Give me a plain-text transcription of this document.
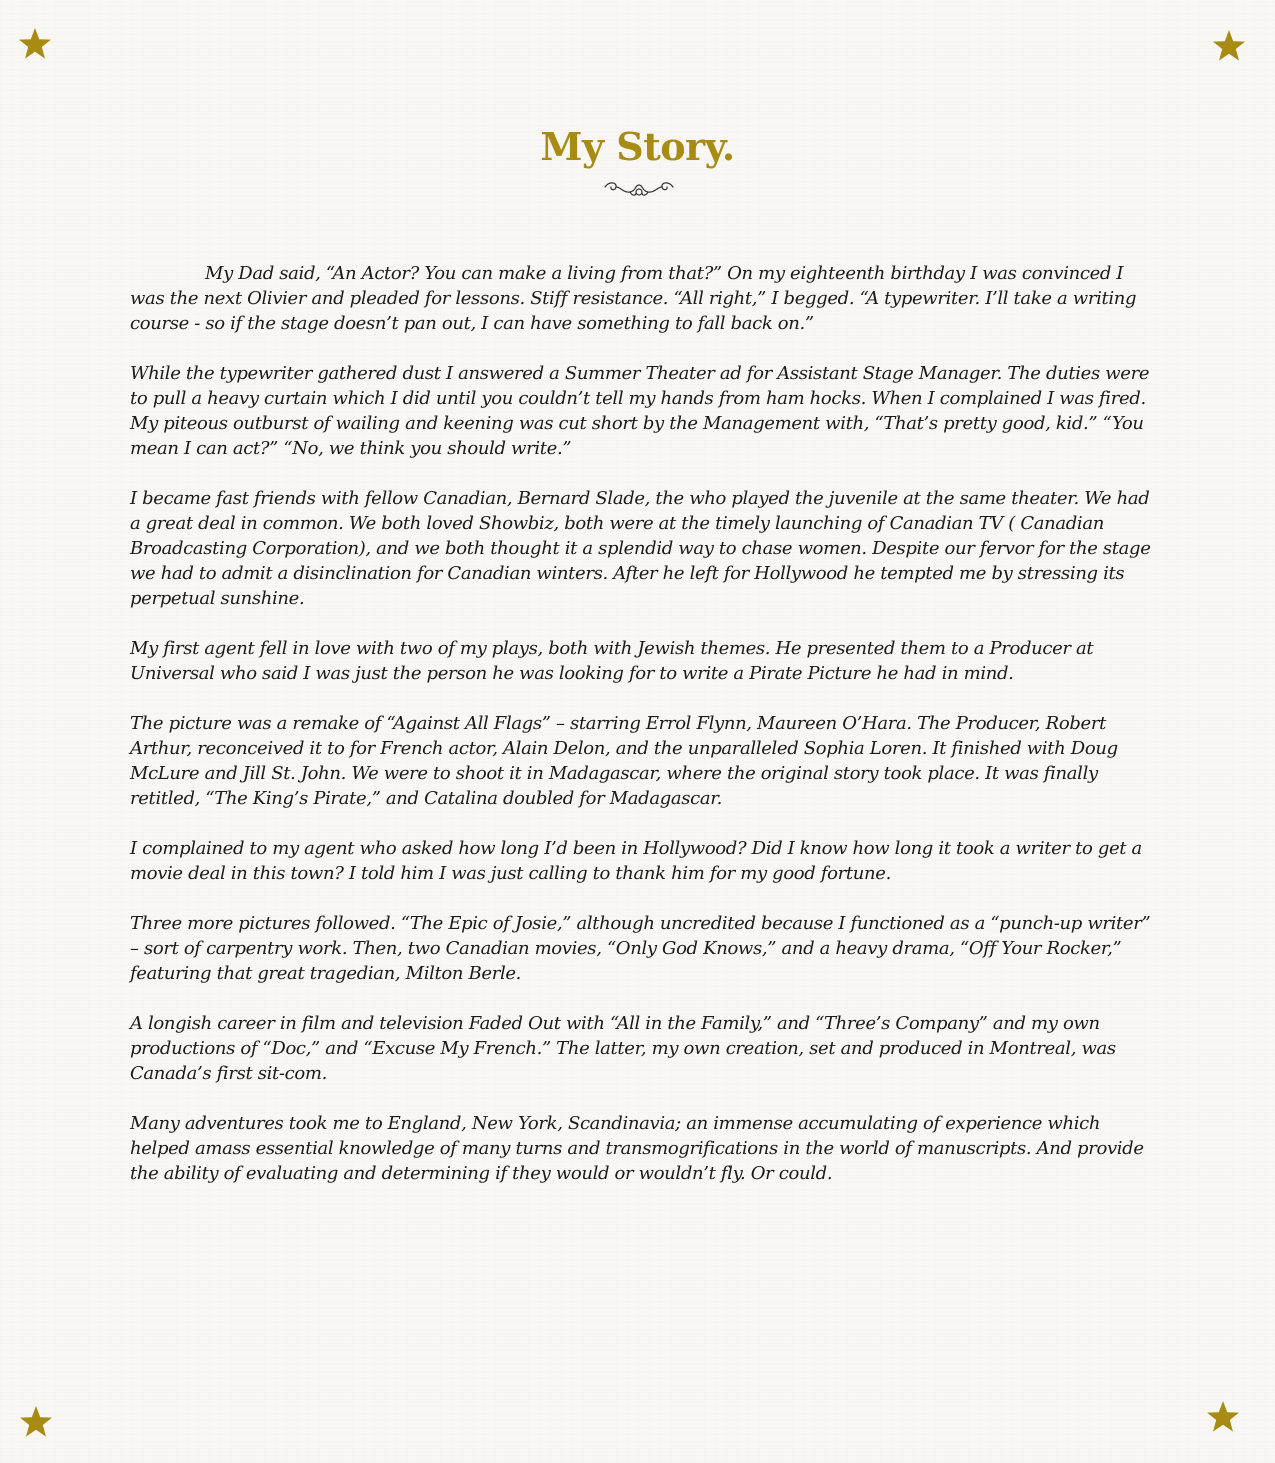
My Story.

My Dad said, “An Actor? You can make a living from that?” On my eighteenth birthday I was convinced I was the next Olivier and pleaded for lessons. Stiff resistance. “All right,” I begged. “A typewriter. I’ll take a writing course - so if the stage doesn’t pan out, I can have something to fall back on.”

While the typewriter gathered dust I answered a Summer Theater ad for Assistant Stage Manager. The duties were to pull a heavy curtain which I did until you couldn’t tell my hands from ham hocks. When I complained I was fired. My piteous outburst of wailing and keening was cut short by the Management with, “That’s pretty good, kid.” “You mean I can act?” “No, we think you should write.”

I became fast friends with fellow Canadian, Bernard Slade, the who played the juvenile at the same theater. We had a great deal in common. We both loved Showbiz, both were at the timely launching of Canadian TV ( Canadian Broadcasting Corporation), and we both thought it a splendid way to chase women. Despite our fervor for the stage we had to admit a disinclination for Canadian winters. After he left for Hollywood he tempted me by stressing its perpetual sunshine.

My first agent fell in love with two of my plays, both with Jewish themes. He presented them to a Producer at Universal who said I was just the person he was looking for to write a Pirate Picture he had in mind.

The picture was a remake of “Against All Flags” – starring Errol Flynn, Maureen O’Hara. The Producer, Robert Arthur, reconceived it to for French actor, Alain Delon, and the unparalleled Sophia Loren. It finished with Doug McLure and Jill St. John. We were to shoot it in Madagascar, where the original story took place. It was finally retitled, “The King’s Pirate,” and Catalina doubled for Madagascar.

I complained to my agent who asked how long I’d been in Hollywood? Did I know how long it took a writer to get a movie deal in this town? I told him I was just calling to thank him for my good fortune.

Three more pictures followed. “The Epic of Josie,” although uncredited because I functioned as a “punch-up writer” – sort of carpentry work. Then, two Canadian movies, “Only God Knows,” and a heavy drama, “Off Your Rocker,” featuring that great tragedian, Milton Berle.

A longish career in film and television Faded Out with “All in the Family,” and “Three’s Company” and my own productions of “Doc,” and “Excuse My French.” The latter, my own creation, set and produced in Montreal, was Canada’s first sit-com.

Many adventures took me to England, New York, Scandinavia; an immense accumulating of experience which helped amass essential knowledge of many turns and transmogrifications in the world of manuscripts. And provide the ability of evaluating and determining if they would or wouldn’t fly. Or could.
